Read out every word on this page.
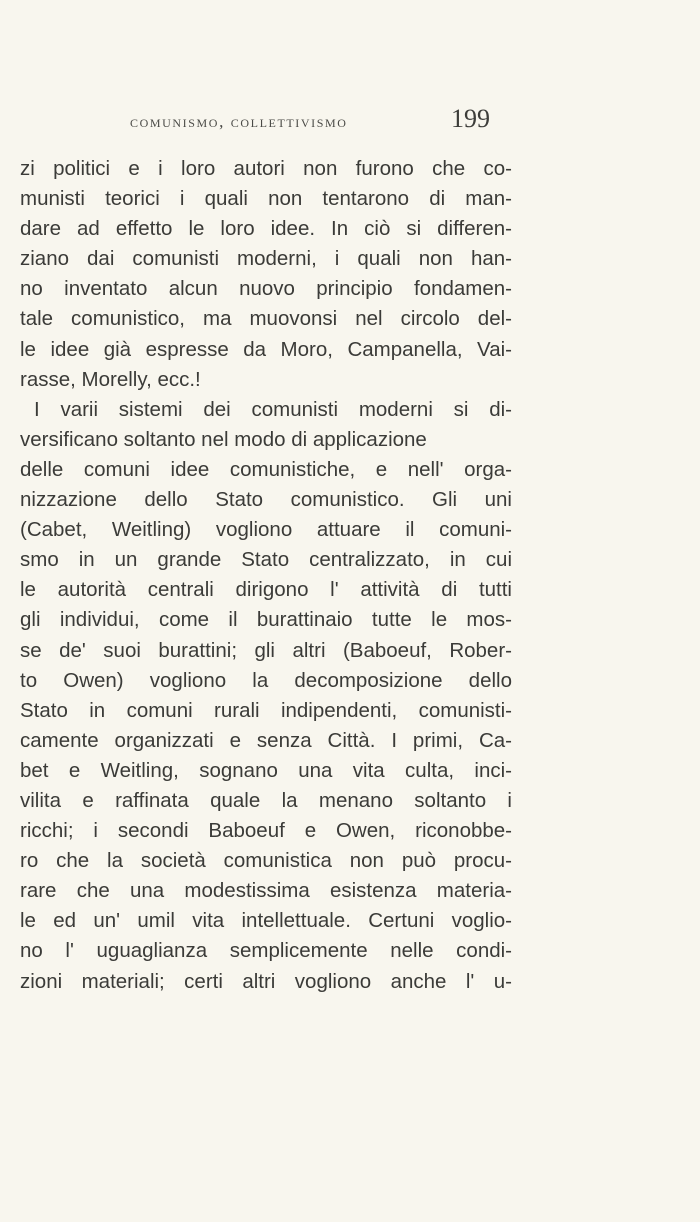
comunismo, collettivismo	199
zi politici e i loro autori non furono che co-
munisti teorici i quali non tentarono di man-
dare ad effetto le loro idee. In ciò si differen-
ziano dai comunisti moderni, i quali non han-
no inventato alcun nuovo principio fondamen-
tale comunistico, ma muovonsi nel circolo del-
le idee già espresse da Moro, Campanella, Vai-
rasse, Morelly, ecc.!
I varii sistemi dei comunisti moderni si di-
versificano soltanto nel modo di applicazione
delle comuni idee comunistiche, e nell' orga-
nizzazione dello Stato comunistico. Gli uni
(Cabet, Weitling) vogliono attuare il comuni-
smo in un grande Stato centralizzato, in cui
le autorità centrali dirigono l' attività di tutti
gli individui, come il burattinaio tutte le mos-
se de' suoi burattini; gli altri (Baboeuf, Rober-
to Owen) vogliono la decomposizione dello
Stato in comuni rurali indipendenti, comunisti-
camente organizzati e senza Città. I primi, Ca-
bet e Weitling, sognano una vita culta, inci-
vilita e raffinata quale la menano soltanto i
ricchi; i secondi Baboeuf e Owen, riconobbe-
ro che la società comunistica non può procu-
rare che una modestissima esistenza materia-
le ed un' umil vita intellettuale. Certuni voglio-
no l' uguaglianza semplicemente nelle condi-
zioni materiali; certi altri vogliono anche l' u-
